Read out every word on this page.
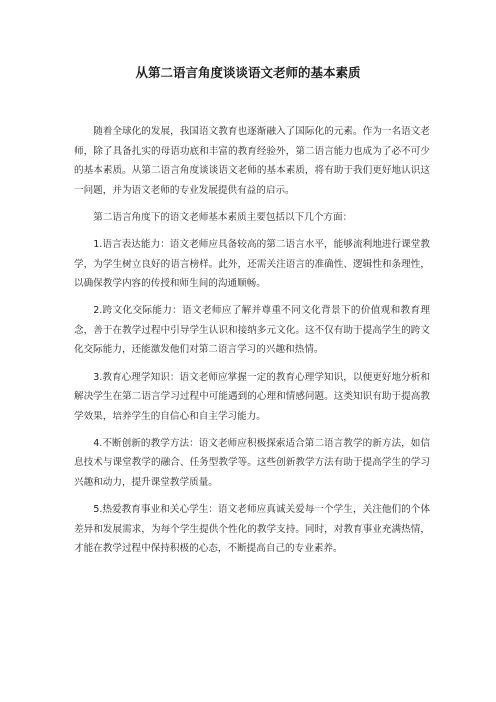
从第二语言角度谈谈语文老师的基本素质

随着全球化的发展，我国语文教育也逐渐融入了国际化的元素。作为一名语文老师，除了具备扎实的母语功底和丰富的教育经验外，第二语言能力也成为了必不可少的基本素质。从第二语言角度谈谈语文老师的基本素质，将有助于我们更好地认识这一问题，并为语文老师的专业发展提供有益的启示。

第二语言角度下的语文老师基本素质主要包括以下几个方面：

1.语言表达能力：语文老师应具备较高的第二语言水平，能够流利地进行课堂教学，为学生树立良好的语言榜样。此外，还需关注语言的准确性、逻辑性和条理性，以确保教学内容的传授和师生间的沟通顺畅。

2.跨文化交际能力：语文老师应了解并尊重不同文化背景下的价值观和教育理念，善于在教学过程中引导学生认识和接纳多元文化。这不仅有助于提高学生的跨文化交际能力，还能激发他们对第二语言学习的兴趣和热情。

3.教育心理学知识：语文老师应掌握一定的教育心理学知识，以便更好地分析和解决学生在第二语言学习过程中可能遇到的心理和情感问题。这类知识有助于提高教学效果，培养学生的自信心和自主学习能力。

4.不断创新的教学方法：语文老师应积极探索适合第二语言教学的新方法，如信息技术与课堂教学的融合、任务型教学等。这些创新教学方法有助于提高学生的学习兴趣和动力，提升课堂教学质量。

5.热爱教育事业和关心学生：语文老师应真诚关爱每一个学生，关注他们的个体差异和发展需求，为每个学生提供个性化的教学支持。同时，对教育事业充满热情，才能在教学过程中保持积极的心态，不断提高自己的专业素养。
